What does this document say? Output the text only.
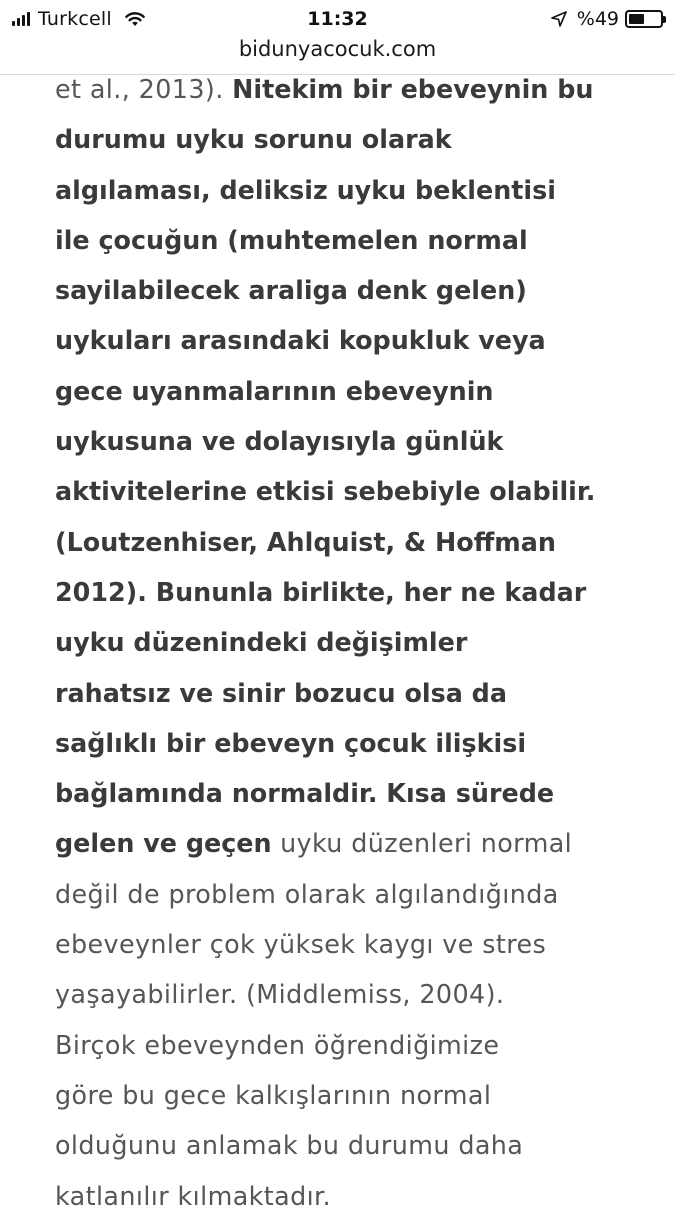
Turkcell	11:32	%49
bidunyacocuk.com
et al., 2013). Nitekim bir ebeveynin bu
durumu uyku sorunu olarak
algılaması, deliksiz uyku beklentisi
ile çocuğun (muhtemelen normal
sayilabilecek araliga denk gelen)
uykuları arasındaki kopukluk veya
gece uyanmalarının ebeveynin
uykusuna ve dolayısıyla günlük
aktivitelerine etkisi sebebiyle olabilir.
(Loutzenhiser, Ahlquist, & Hoffman
2012). Bununla birlikte, her ne kadar
uyku düzenindeki değişimler
rahatsız ve sinir bozucu olsa da
sağlıklı bir ebeveyn çocuk ilişkisi
bağlamında normaldir. Kısa sürede
gelen ve geçen uyku düzenleri normal
değil de problem olarak algılandığında
ebeveynler çok yüksek kaygı ve stres
yaşayabilirler. (Middlemiss, 2004).
Birçok ebeveynden öğrendiğimize
göre bu gece kalkışlarının normal
olduğunu anlamak bu durumu daha
katlanılır kılmaktadır.
